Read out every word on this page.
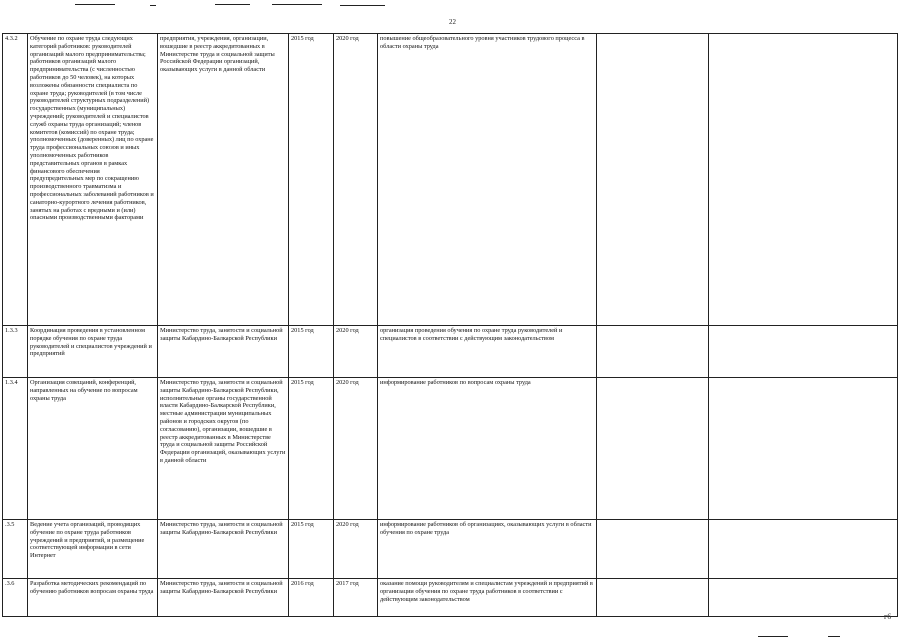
22
4.3.2	Обучение по охране труда следующих категорий работников: руководителей организаций малого предпринимательства; работников организаций малого предпринимательства (с численностью работников до 50 человек), на которых возложены обязанности специалиста по охране труда; руководителей (в том числе руководителей структурных подразделений) государственных (муниципальных) учреждений; руководителей и специалистов служб охраны труда организаций; членов комитетов (комиссий) по охране труда; уполномоченных (доверенных) лиц по охране труда профессиональных союзов и иных уполномоченных работников представительных органов в рамках финансового обеспечения предупредительных мер по сокращению производственного травматизма и профессиональных заболеваний работников и санаторно-курортного лечения работников, занятых на работах с вредными и (или) опасными производственными факторами	предприятия, учреждения, организации, вошедшие в реестр аккредитованных в Министерстве труда и социальной защиты Российской Федерации организаций, оказывающих услуги в данной области	2015 год	2020 год	повышение общеобразовательного уровня участников трудового процесса в области охраны труда		
1.3.3	Координация проведения в установленном порядке обучения по охране труда руководителей и специалистов учреждений и предприятий	Министерство труда, занятости и социальной защиты Кабардино-Балкарской Республики	2015 год	2020 год	организация проведения обучения по охране труда руководителей и специалистов в соответствии с действующим законодательством		
1.3.4	Организация совещаний, конференций, направленных на обучение по вопросам охраны труда	Министерство труда, занятости и социальной защиты Кабардино-Балкарской Республики, исполнительные органы государственной власти Кабардино-Балкарской Республики, местные администрации муниципальных районов и городских округов (по согласованию), организации, вошедшие в реестр аккредитованных в Министерстве труда и социальной защиты Российской Федерации организаций, оказывающих услуги в данной области	2015 год	2020 год	информирование работников по вопросам охраны труда		
.3.5	Ведение учета организаций, проводящих обучение по охране труда работников учреждений и предприятий, и размещение соответствующей информации в сети Интернет	Министерство труда, занятости и социальной защиты Кабардино-Балкарской Республики	2015 год	2020 год	информирование работников об организациях, оказывающих услуги в области обучения по охране труда		
.3.6	Разработка методических рекомендаций по обучению работников вопросам охраны труда	Министерство труда, занятости и социальной защиты Кабардино-Балкарской Республики	2016 год	2017 год	оказание помощи руководителям и специалистам учреждений и предприятий в организации обучения по охране труда работников в соответствии с действующим законодательством		
г6
